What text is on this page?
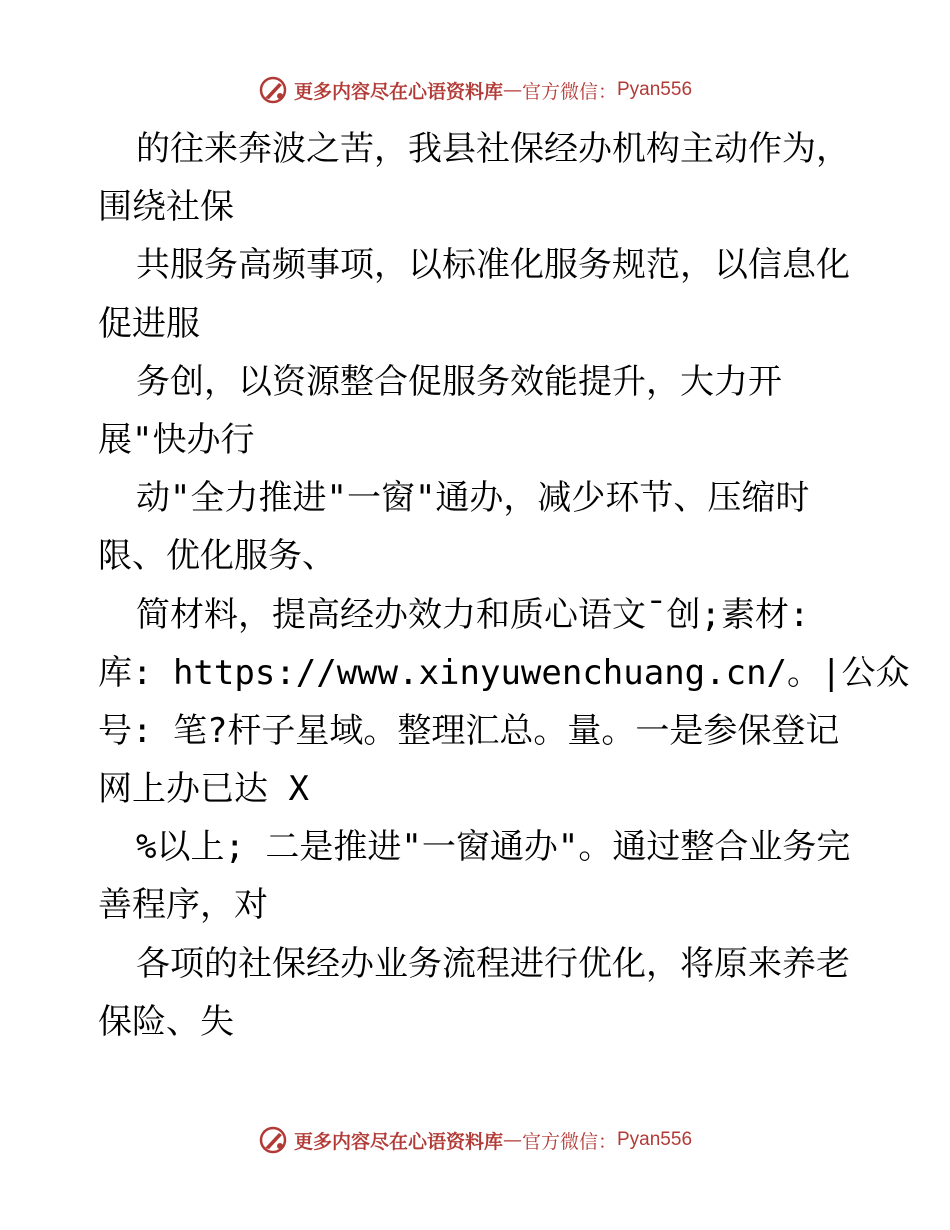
更多内容尽在心语资料库 — 官方微信： Pyan556
的往来奔波之苦，我县社保经办机构主动作为，
围绕社保
共服务高频事项，以标准化服务规范，以信息化
促进服
务创，以资源整合促服务效能提升，大力开
展"快办行
动"全力推进"一窗"通办，减少环节、压缩时
限、优化服务、
简材料，提高经办效力和质心语文¯创;素材:
库: https://www.xinyuwenchuang.cn/。|公众
号: 笔?杆子星域。整理汇总。量。一是参保登记
网上办已达 X
%以上; 二是推进"一窗通办"。通过整合业务完
善程序，对
各项的社保经办业务流程进行优化，将原来养老
保险、失
更多内容尽在心语资料库 — 官方微信： Pyan556
